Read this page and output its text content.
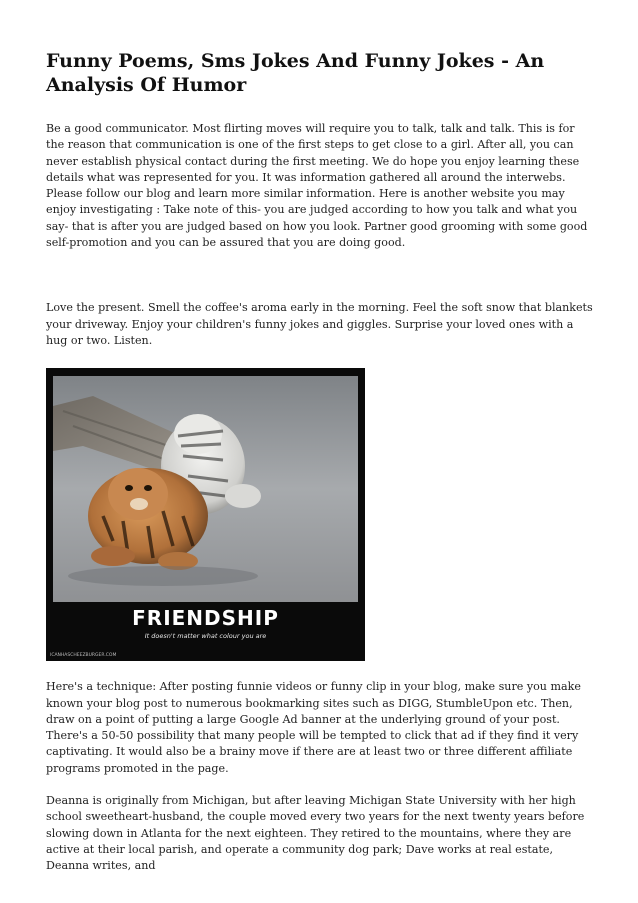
Funny Poems, Sms Jokes And Funny Jokes - An Analysis Of Humor

Be a good communicator. Most flirting moves will require you to talk, talk and talk. This is for the reason that communication is one of the first steps to get close to a girl. After all, you can never establish physical contact during the first meeting. We do hope you enjoy learning these details what was represented for you. It was information gathered all around the interwebs. Please follow our blog and learn more similar information. Here is another website you may enjoy investigating : Take note of this- you are judged according to how you talk and what you say- that is after you are judged based on how you look. Partner good grooming with some good self-promotion and you can be assured that you are doing good.

Love the present. Smell the coffee's aroma early in the morning. Feel the soft snow that blankets your driveway. Enjoy your children's funny jokes and giggles. Surprise your loved ones with a hug or two. Listen.

FRIENDSHIP
It doesn't matter what colour you are
ICANHASCHEEZBURGER.COM

Here's a technique: After posting funnie videos or funny clip in your blog, make sure you make known your blog post to numerous bookmarking sites such as DIGG, StumbleUpon etc. Then, draw on a point of putting a large Google Ad banner at the underlying ground of your post. There's a 50-50 possibility that many people will be tempted to click that ad if they find it very captivating. It would also be a brainy move if there are at least two or three different affiliate programs promoted in the page.

Deanna is originally from Michigan, but after leaving Michigan State University with her high school sweetheart-husband, the couple moved every two years for the next twenty years before slowing down in Atlanta for the next eighteen. They retired to the mountains, where they are active at their local parish, and operate a community dog park; Dave works at real estate, Deanna writes, and
